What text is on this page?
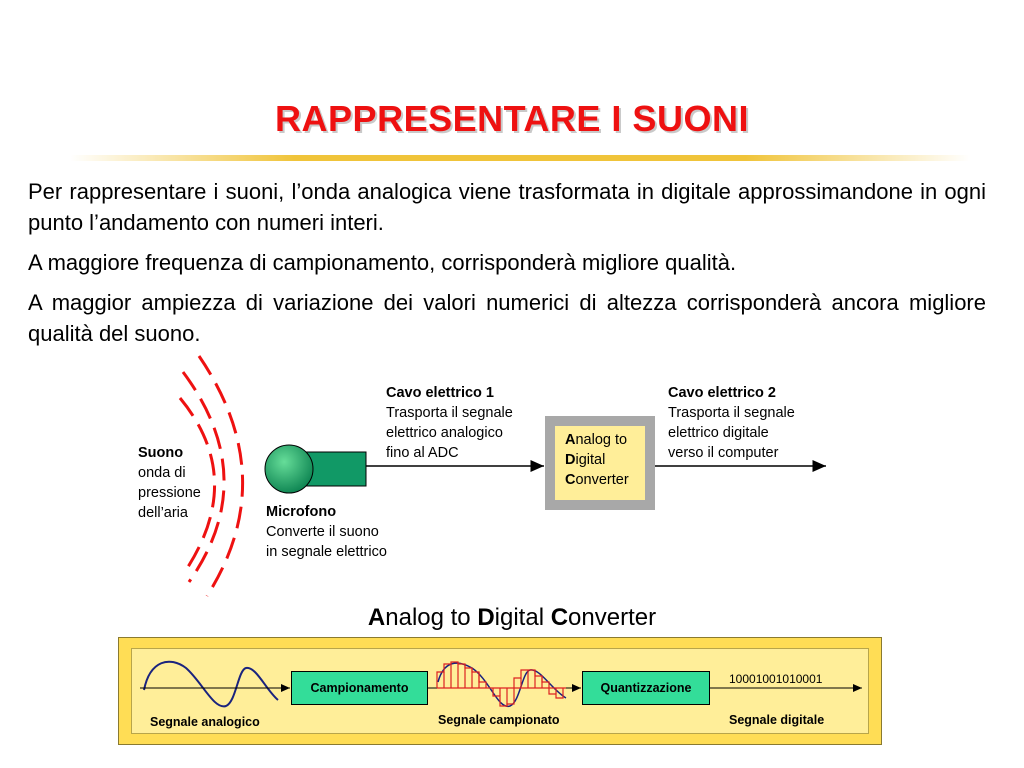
RAPPRESENTARE I SUONI

Per rappresentare i suoni, l’onda analogica viene trasformata in digitale approssimandone in ogni punto l’andamento con numeri interi.

A maggiore frequenza di campionamento, corrisponderà migliore qualità.

A maggior ampiezza di variazione dei valori numerici di altezza corrisponderà ancora migliore qualità del suono.

Suono
onda di
pressione
dell’aria	Microfono
Converte il suono
in segnale elettrico
Cavo elettrico 1
Trasporta il segnale
elettrico analogico
fino al ADC
Cavo elettrico 2
Trasporta il segnale
elettrico digitale
verso il computer
Analog to
Digital
Converter
Analog to Digital Converter
Campionamento	Quantizzazione
10001001010001
Segnale analogico	Segnale campionato	Segnale digitale
